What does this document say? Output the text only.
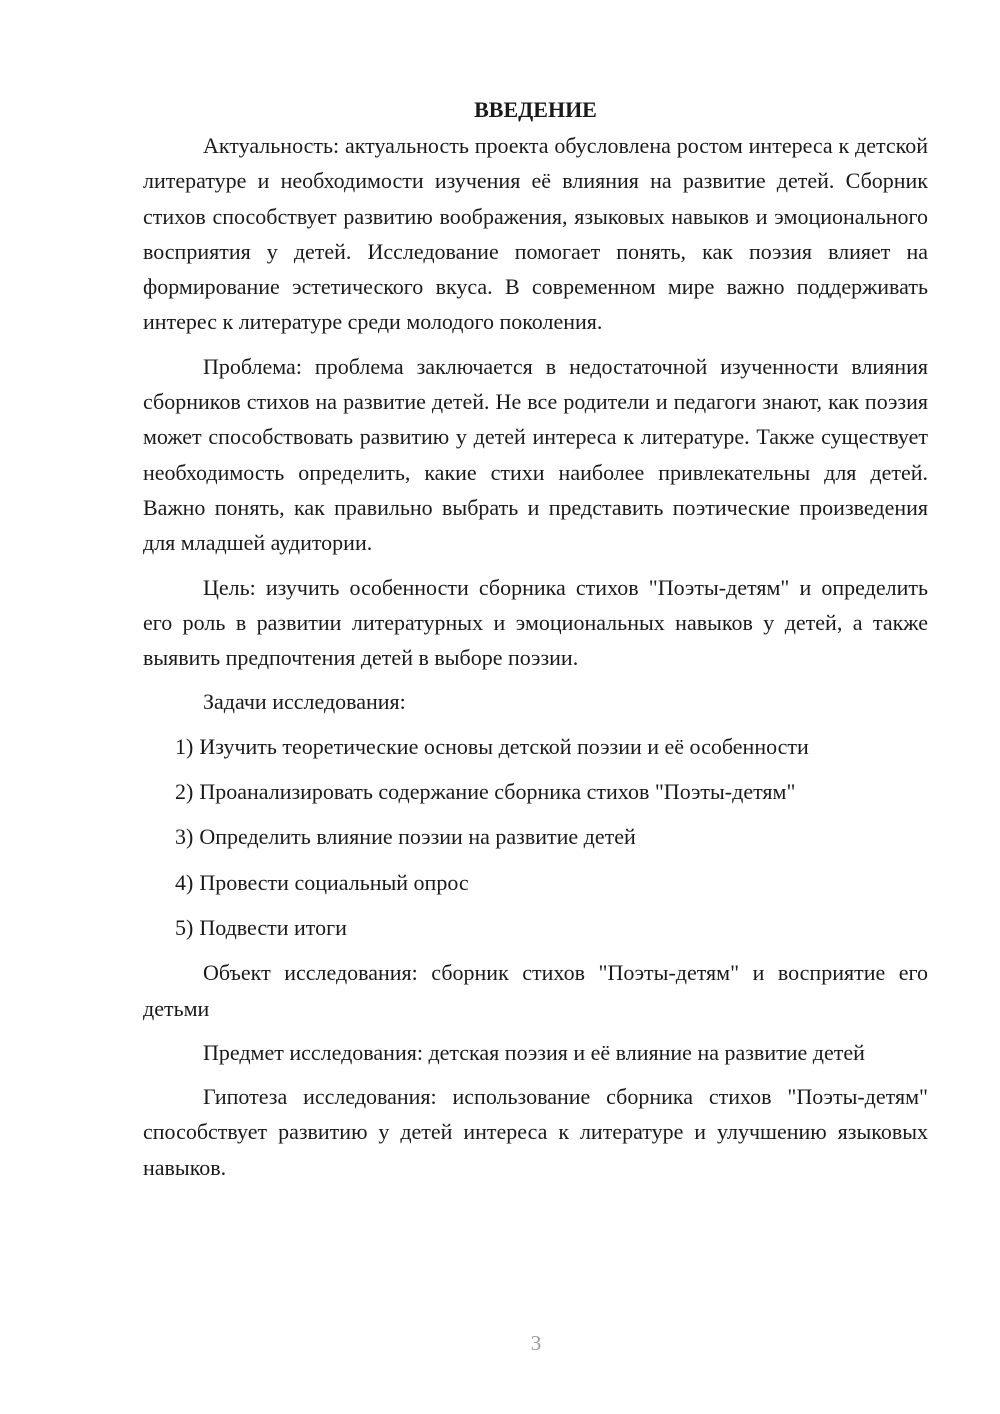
ВВЕДЕНИЕ

Актуальность: актуальность проекта обусловлена ростом интереса к детской литературе и необходимости изучения её влияния на развитие детей. Сборник стихов способствует развитию воображения, языковых навыков и эмоционального восприятия у детей. Исследование помогает понять, как поэзия влияет на формирование эстетического вкуса. В современном мире важно поддерживать интерес к литературе среди молодого поколения.

Проблема: проблема заключается в недостаточной изученности влияния сборников стихов на развитие детей. Не все родители и педагоги знают, как поэзия может способствовать развитию у детей интереса к литературе. Также существует необходимость определить, какие стихи наиболее привлекательны для детей. Важно понять, как правильно выбрать и представить поэтические произведения для младшей аудитории.

Цель: изучить особенности сборника стихов "Поэты-детям" и определить его роль в развитии литературных и эмоциональных навыков у детей, а также выявить предпочтения детей в выборе поэзии.

Задачи исследования:

1) Изучить теоретические основы детской поэзии и её особенности
2) Проанализировать содержание сборника стихов "Поэты-детям"
3) Определить влияние поэзии на развитие детей
4) Провести социальный опрос
5) Подвести итоги

Объект исследования: сборник стихов "Поэты-детям" и восприятие его детьми

Предмет исследования: детская поэзия и её влияние на развитие детей

Гипотеза исследования: использование сборника стихов "Поэты-детям" способствует развитию у детей интереса к литературе и улучшению языковых навыков.

3
